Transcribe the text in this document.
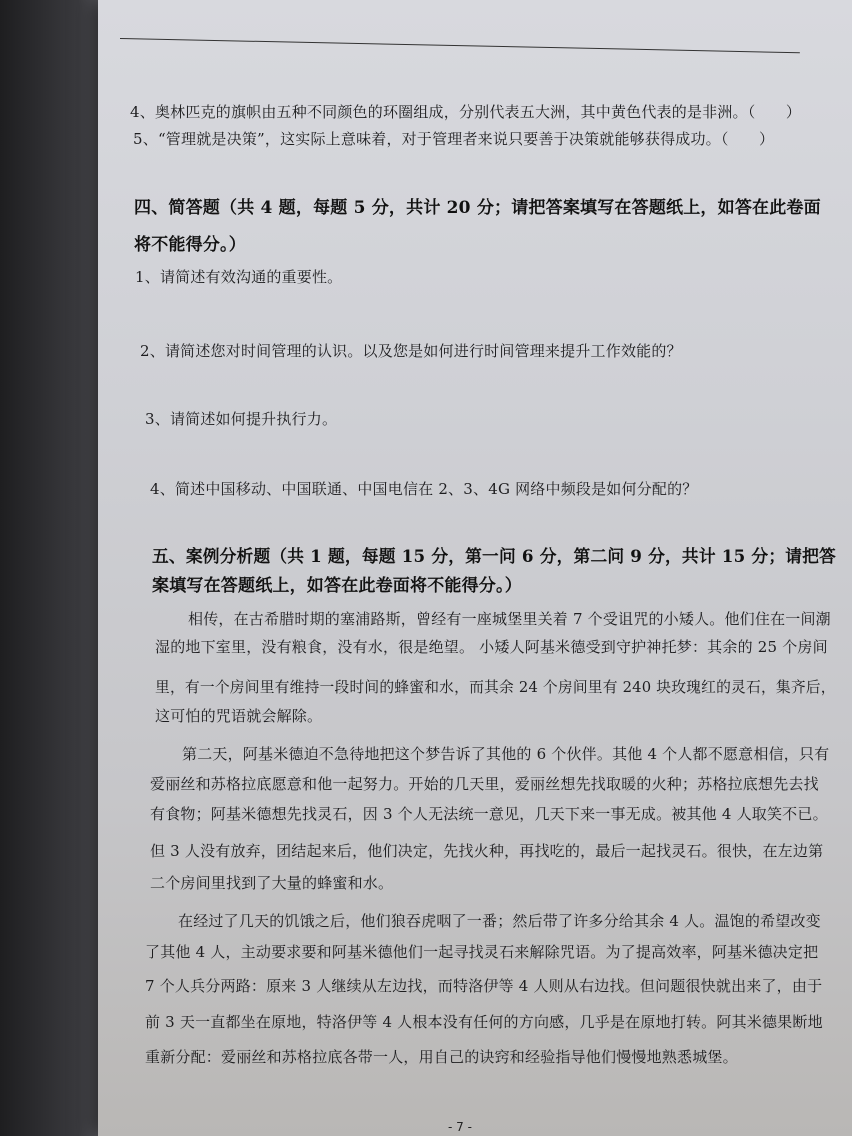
4、奥林匹克的旗帜由五种不同颜色的环圈组成，分别代表五大洲，其中黄色代表的是非洲。（　　）
5、“管理就是决策”，这实际上意味着，对于管理者来说只要善于决策就能够获得成功。（　　）
四、简答题（共 4 题，每题 5 分，共计 20 分；请把答案填写在答题纸上，如答在此卷面
将不能得分。）
1、请简述有效沟通的重要性。
2、请简述您对时间管理的认识。以及您是如何进行时间管理来提升工作效能的？
3、请简述如何提升执行力。
4、简述中国移动、中国联通、中国电信在 2、3、4G 网络中频段是如何分配的？
五、案例分析题（共 1 题，每题 15 分，第一问 6 分，第二问 9 分，共计 15 分；请把答
案填写在答题纸上，如答在此卷面将不能得分。）
相传，在古希腊时期的塞浦路斯，曾经有一座城堡里关着 7 个受诅咒的小矮人。他们住在一间潮
湿的地下室里，没有粮食，没有水，很是绝望。 小矮人阿基米德受到守护神托梦：其余的 25 个房间
里，有一个房间里有维持一段时间的蜂蜜和水，而其余 24 个房间里有 240 块玫瑰红的灵石，集齐后，
这可怕的咒语就会解除。
第二天，阿基米德迫不急待地把这个梦告诉了其他的 6 个伙伴。其他 4 个人都不愿意相信，只有
爱丽丝和苏格拉底愿意和他一起努力。开始的几天里，爱丽丝想先找取暖的火种；苏格拉底想先去找
有食物；阿基米德想先找灵石，因 3 个人无法统一意见，几天下来一事无成。被其他 4 人取笑不已。
但 3 人没有放弃，团结起来后，他们决定，先找火种，再找吃的，最后一起找灵石。很快，在左边第
二个房间里找到了大量的蜂蜜和水。
在经过了几天的饥饿之后，他们狼吞虎咽了一番；然后带了许多分给其余 4 人。温饱的希望改变
了其他 4 人，主动要求要和阿基米德他们一起寻找灵石来解除咒语。为了提高效率，阿基米德决定把
7 个人兵分两路：原来 3 人继续从左边找，而特洛伊等 4 人则从右边找。但问题很快就出来了，由于
前 3 天一直都坐在原地，特洛伊等 4 人根本没有任何的方向感，几乎是在原地打转。阿其米德果断地
重新分配：爱丽丝和苏格拉底各带一人，用自己的诀窍和经验指导他们慢慢地熟悉城堡。
- 7 -
